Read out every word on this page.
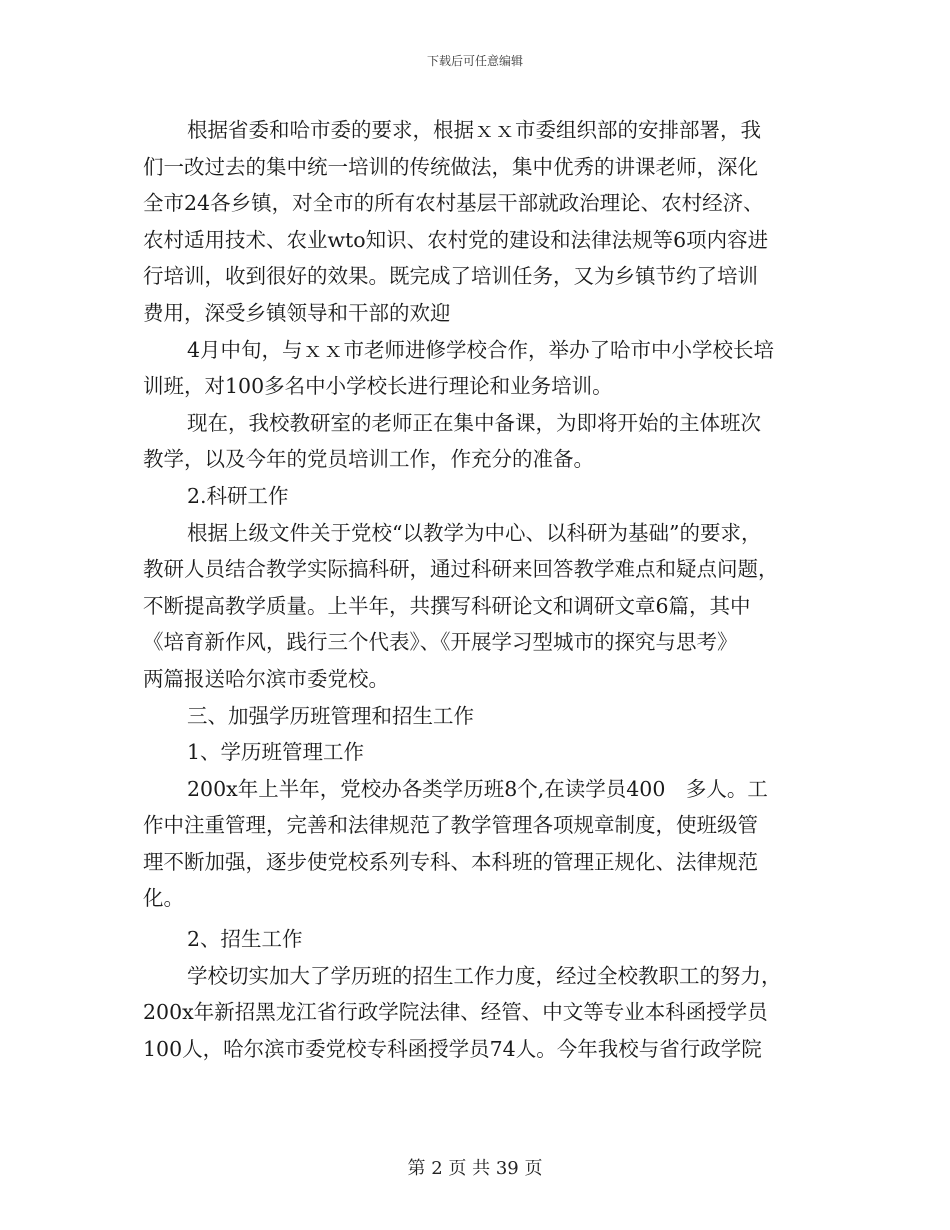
下载后可任意编辑
根据省委和哈市委的要求，根据ｘｘ市委组织部的安排部署，我
们一改过去的集中统一培训的传统做法，集中优秀的讲课老师，深化
全市24各乡镇，对全市的所有农村基层干部就政治理论、农村经济、
农村适用技术、农业wto知识、农村党的建设和法律法规等6项内容进
行培训，收到很好的效果。既完成了培训任务，又为乡镇节约了培训
费用，深受乡镇领导和干部的欢迎
4月中旬，与ｘｘ市老师进修学校合作，举办了哈市中小学校长培
训班，对100多名中小学校长进行理论和业务培训。
现在，我校教研室的老师正在集中备课，为即将开始的主体班次
教学，以及今年的党员培训工作，作充分的准备。
2.科研工作
根据上级文件关于党校“以教学为中心、以科研为基础”的要求，
教研人员结合教学实际搞科研，通过科研来回答教学难点和疑点问题，
不断提高教学质量。上半年，共撰写科研论文和调研文章6篇，其中
《培育新作风，践行三个代表》、《开展学习型城市的探究与思考》
两篇报送哈尔滨市委党校。
三、加强学历班管理和招生工作
1、学历班管理工作
200x年上半年，党校办各类学历班8个,在读学员400　多人。工
作中注重管理，完善和法律规范了教学管理各项规章制度，使班级管
理不断加强，逐步使党校系列专科、本科班的管理正规化、法律规范
化。
2、招生工作
学校切实加大了学历班的招生工作力度，经过全校教职工的努力，
200x年新招黑龙江省行政学院法律、经管、中文等专业本科函授学员
100人，哈尔滨市委党校专科函授学员74人。今年我校与省行政学院
第 2 页 共 39 页
